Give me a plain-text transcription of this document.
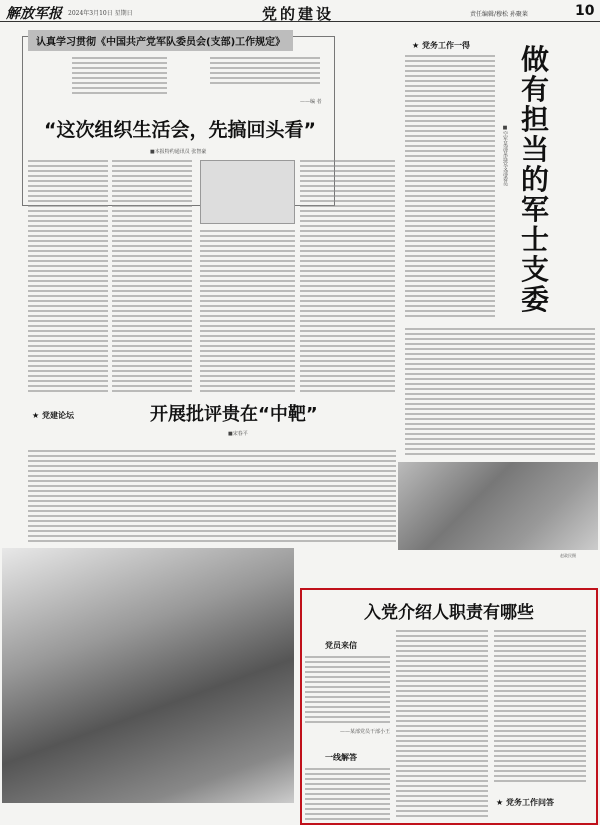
解放军报 2024年3月10日 星期日	党的建设	责任编辑/穆松 孙聚莱	10
认真学习贯彻《中国共产党军队委员会(支部)工作规定》
——编 者
“这次组织生活会，先搞回头看”
■本报特约通讯员 张智豪
★ 党务工作一得 做有担当的军士支委
■空军某部某连党支部委员
★ 党建论坛	开展批评贵在“中靶”
■宋春平
赵政民摄
入党介绍人职责有哪些
党员来信
——某部党员干部小王
一线解答
★ 党务工作问答
